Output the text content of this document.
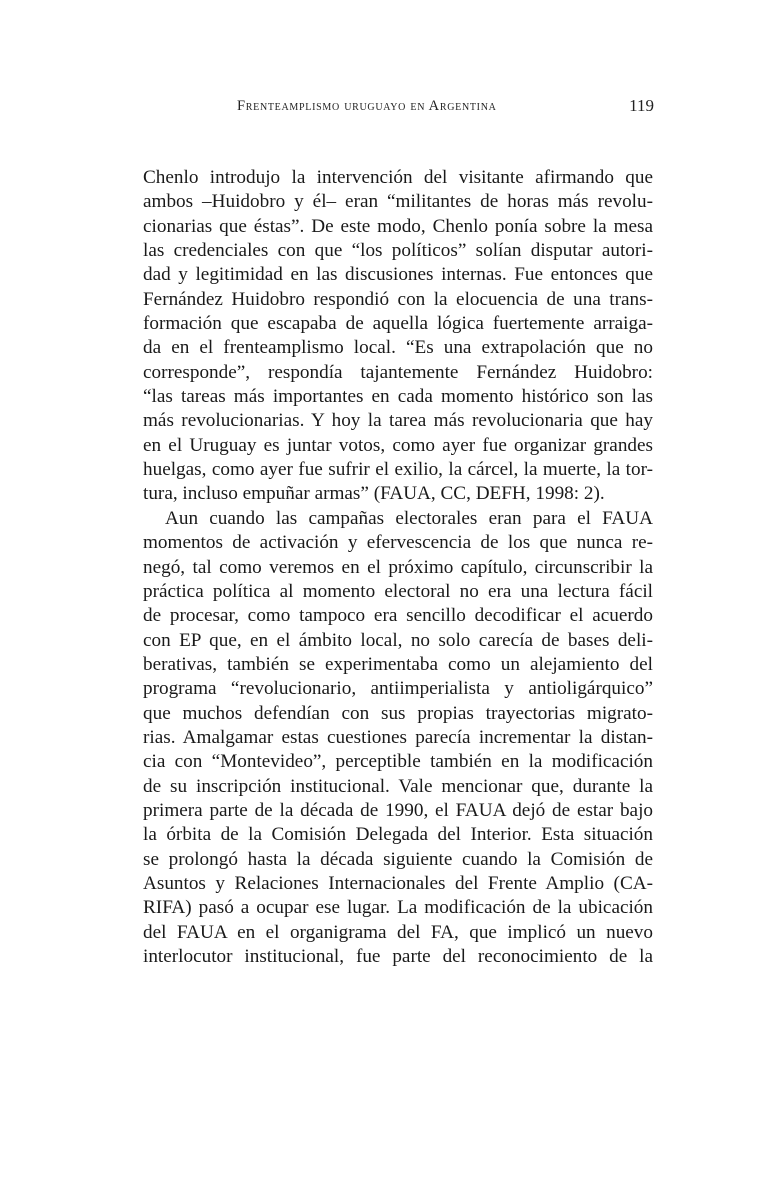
Frenteamplismo uruguayo en Argentina	119
Chenlo introdujo la intervención del visitante afirmando que
ambos –Huidobro y él– eran “militantes de horas más revolu-
cionarias que éstas”. De este modo, Chenlo ponía sobre la mesa
las credenciales con que “los políticos” solían disputar autori-
dad y legitimidad en las discusiones internas. Fue entonces que
Fernández Huidobro respondió con la elocuencia de una trans-
formación que escapaba de aquella lógica fuertemente arraiga-
da en el frenteamplismo local. “Es una extrapolación que no
corresponde”, respondía tajantemente Fernández Huidobro:
“las tareas más importantes en cada momento histórico son las
más revolucionarias. Y hoy la tarea más revolucionaria que hay
en el Uruguay es juntar votos, como ayer fue organizar grandes
huelgas, como ayer fue sufrir el exilio, la cárcel, la muerte, la tor-
tura, incluso empuñar armas” (FAUA, CC, DEFH, 1998: 2).
Aun cuando las campañas electorales eran para el FAUA
momentos de activación y efervescencia de los que nunca re-
negó, tal como veremos en el próximo capítulo, circunscribir la
práctica política al momento electoral no era una lectura fácil
de procesar, como tampoco era sencillo decodificar el acuerdo
con EP que, en el ámbito local, no solo carecía de bases deli-
berativas, también se experimentaba como un alejamiento del
programa “revolucionario, antiimperialista y antioligárquico”
que muchos defendían con sus propias trayectorias migrato-
rias. Amalgamar estas cuestiones parecía incrementar la distan-
cia con “Montevideo”, perceptible también en la modificación
de su inscripción institucional. Vale mencionar que, durante la
primera parte de la década de 1990, el FAUA dejó de estar bajo
la órbita de la Comisión Delegada del Interior. Esta situación
se prolongó hasta la década siguiente cuando la Comisión de
Asuntos y Relaciones Internacionales del Frente Amplio (CA-
RIFA) pasó a ocupar ese lugar. La modificación de la ubicación
del FAUA en el organigrama del FA, que implicó un nuevo
interlocutor institucional, fue parte del reconocimiento de la
